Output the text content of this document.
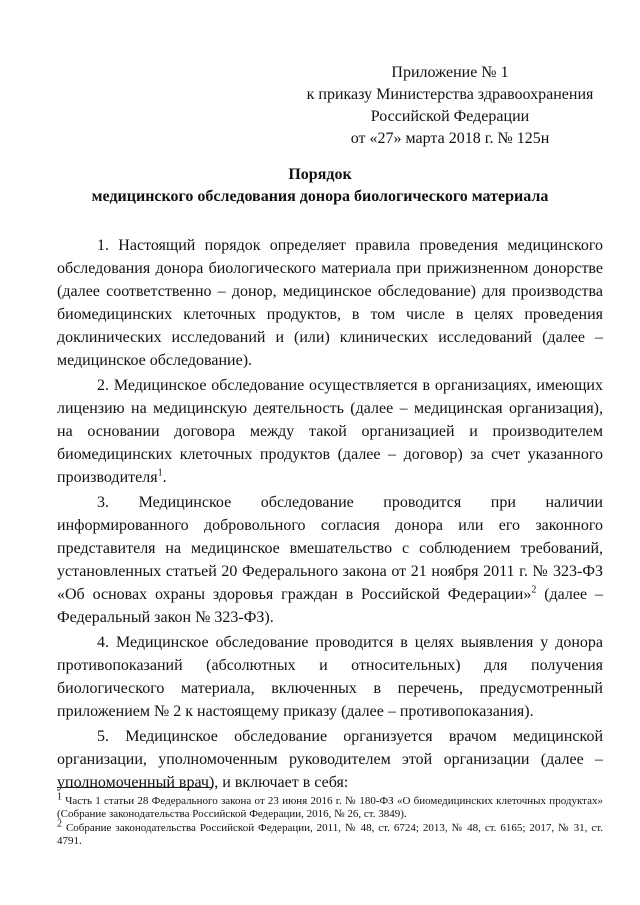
Приложение № 1
к приказу Министерства здравоохранения
Российской Федерации
от «27» марта 2018 г. № 125н
Порядок
медицинского обследования донора биологического материала

1. Настоящий порядок определяет правила проведения медицинского обследования донора биологического материала при прижизненном донорстве (далее соответственно – донор, медицинское обследование) для производства биомедицинских клеточных продуктов, в том числе в целях проведения доклинических исследований и (или) клинических исследований (далее – медицинское обследование).

2. Медицинское обследование осуществляется в организациях, имеющих лицензию на медицинскую деятельность (далее – медицинская организация), на основании договора между такой организацией и производителем биомедицинских клеточных продуктов (далее – договор) за счет указанного производителя$^1$.

3. Медицинское обследование проводится при наличии информированного добровольного согласия донора или его законного представителя на медицинское вмешательство с соблюдением требований, установленных статьей 20 Федерального закона от 21 ноября 2011 г. № 323-ФЗ «Об основах охраны здоровья граждан в Российской Федерации»$^2$ (далее – Федеральный закон № 323-ФЗ).

4. Медицинское обследование проводится в целях выявления у донора противопоказаний (абсолютных и относительных) для получения биологического материала, включенных в перечень, предусмотренный приложением № 2 к настоящему приказу (далее – противопоказания).

5. Медицинское обследование организуется врачом медицинской организации, уполномоченным руководителем этой организации (далее – уполномоченный врач), и включает в себя:

$^1$ Часть 1 статьи 28 Федерального закона от 23 июня 2016 г. № 180-ФЗ «О биомедицинских клеточных продуктах» (Собрание законодательства Российской Федерации, 2016, № 26, ст. 3849).

$^2$ Собрание законодательства Российской Федерации, 2011, № 48, ст. 6724; 2013, № 48, ст. 6165; 2017, № 31, ст. 4791.
